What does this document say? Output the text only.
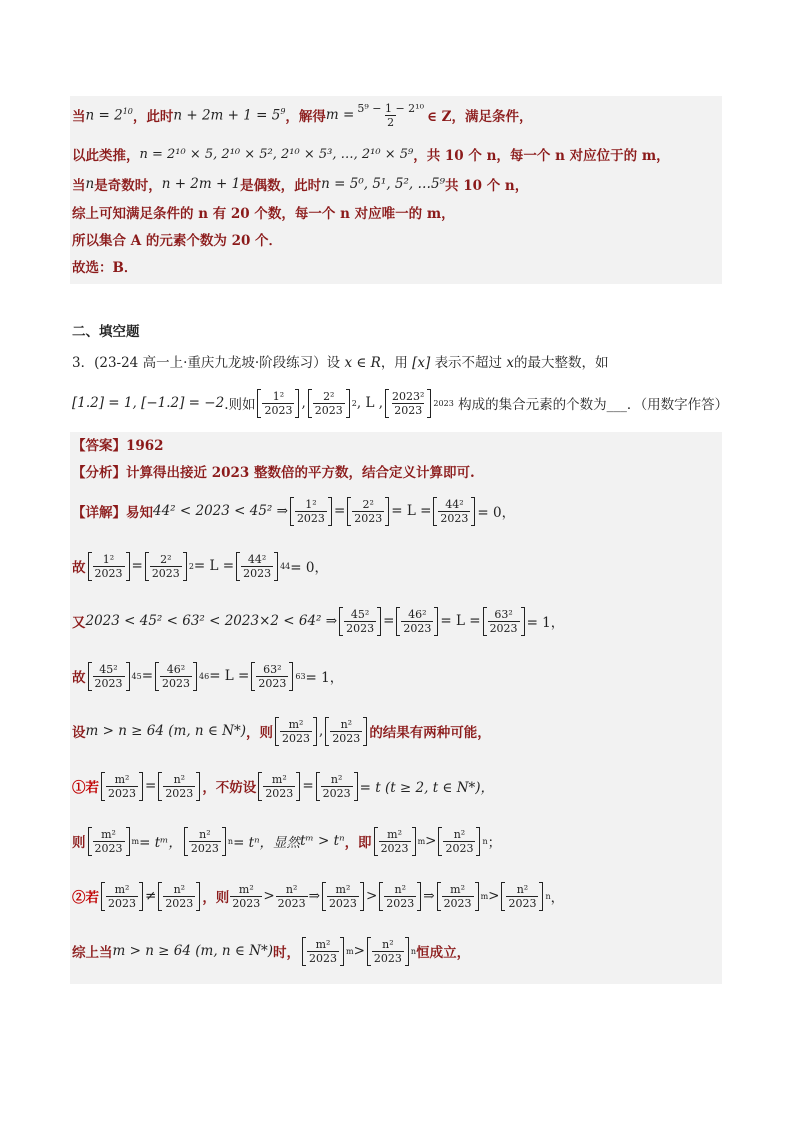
当 $n = 2^{10}$ ，此时 $n + 2m + 1 = 5^9$ ，解得 $m = \frac{\text{5⁹ − 1 − 2¹⁰}}{2}$ ∈ Z，满足条件，
以此类推， n = 2¹⁰ × 5, 2¹⁰ × 5², 2¹⁰ × 5³, …, 2¹⁰ × 5⁹ ，共 10 个 n，每一个 n 对应位于的 m，
当 n 是奇数时， n + 2m + 1 是偶数，此时 n = 5⁰, 5¹, 5², …5⁹ 共 10 个 n，
综上可知满足条件的 n 有 20 个数，每一个 n 对应唯一的 m，
所以集合 A 的元素个数为 20 个．
故选：B．
二、填空题
3．(23-24 高一上·重庆九龙坡·阶段练习）设 x ∈ R，用 [x] 表示不超过 x的最大整数，如
[1.2] = 1, [−1.2] = −2 .则如
1²
2023 , 2²
2023
2 , L , 2023²
2023
2023
构成的集合元素的个数为___．（用数字作答）
【答案】1962
【分析】计算得出接近 2023 整数倍的平方数，结合定义计算即可.
【详解】易知 44² < 2023 < 45² ⇒ 1²
2023 = 2²
2023 = L = 44²
2023 = 0，
故
1²
2023 = 2²
2023
2 = L = 44²
2023
44 = 0，
又 2023 < 45² < 63² < 2023×2 < 64² ⇒ 45²
2023 = 46²
2023 = L = 63²
2023 = 1，
故
45²
2023
45 = 46²
2023
46 = L = 63²
2023
63 = 1，
设 m > n ≥ 64 (m, n ∈ N*) ，则
m²
2023 , n²
2023 的结果有两种可能，
①若
m²
2023 = n²
2023 ，不妨设
m²
2023 = n²
2023 = t (t ≥ 2, t ∈ N*)，
则
m²
2023
m = tᵐ，
n²
2023
n = tⁿ，显然 tᵐ > tⁿ ，即
m²
2023
m > n²
2023
n ；
②若
m²
2023 ≠ n²
2023 ，则
m²
2023 > n²
2023 ⇒ m²
2023 > n²
2023 ⇒ m²
2023
m > n²
2023
n ，
综上当 m > n ≥ 64 (m, n ∈ N*) 时，
m²
2023
m > n²
2023
n 恒成立，
